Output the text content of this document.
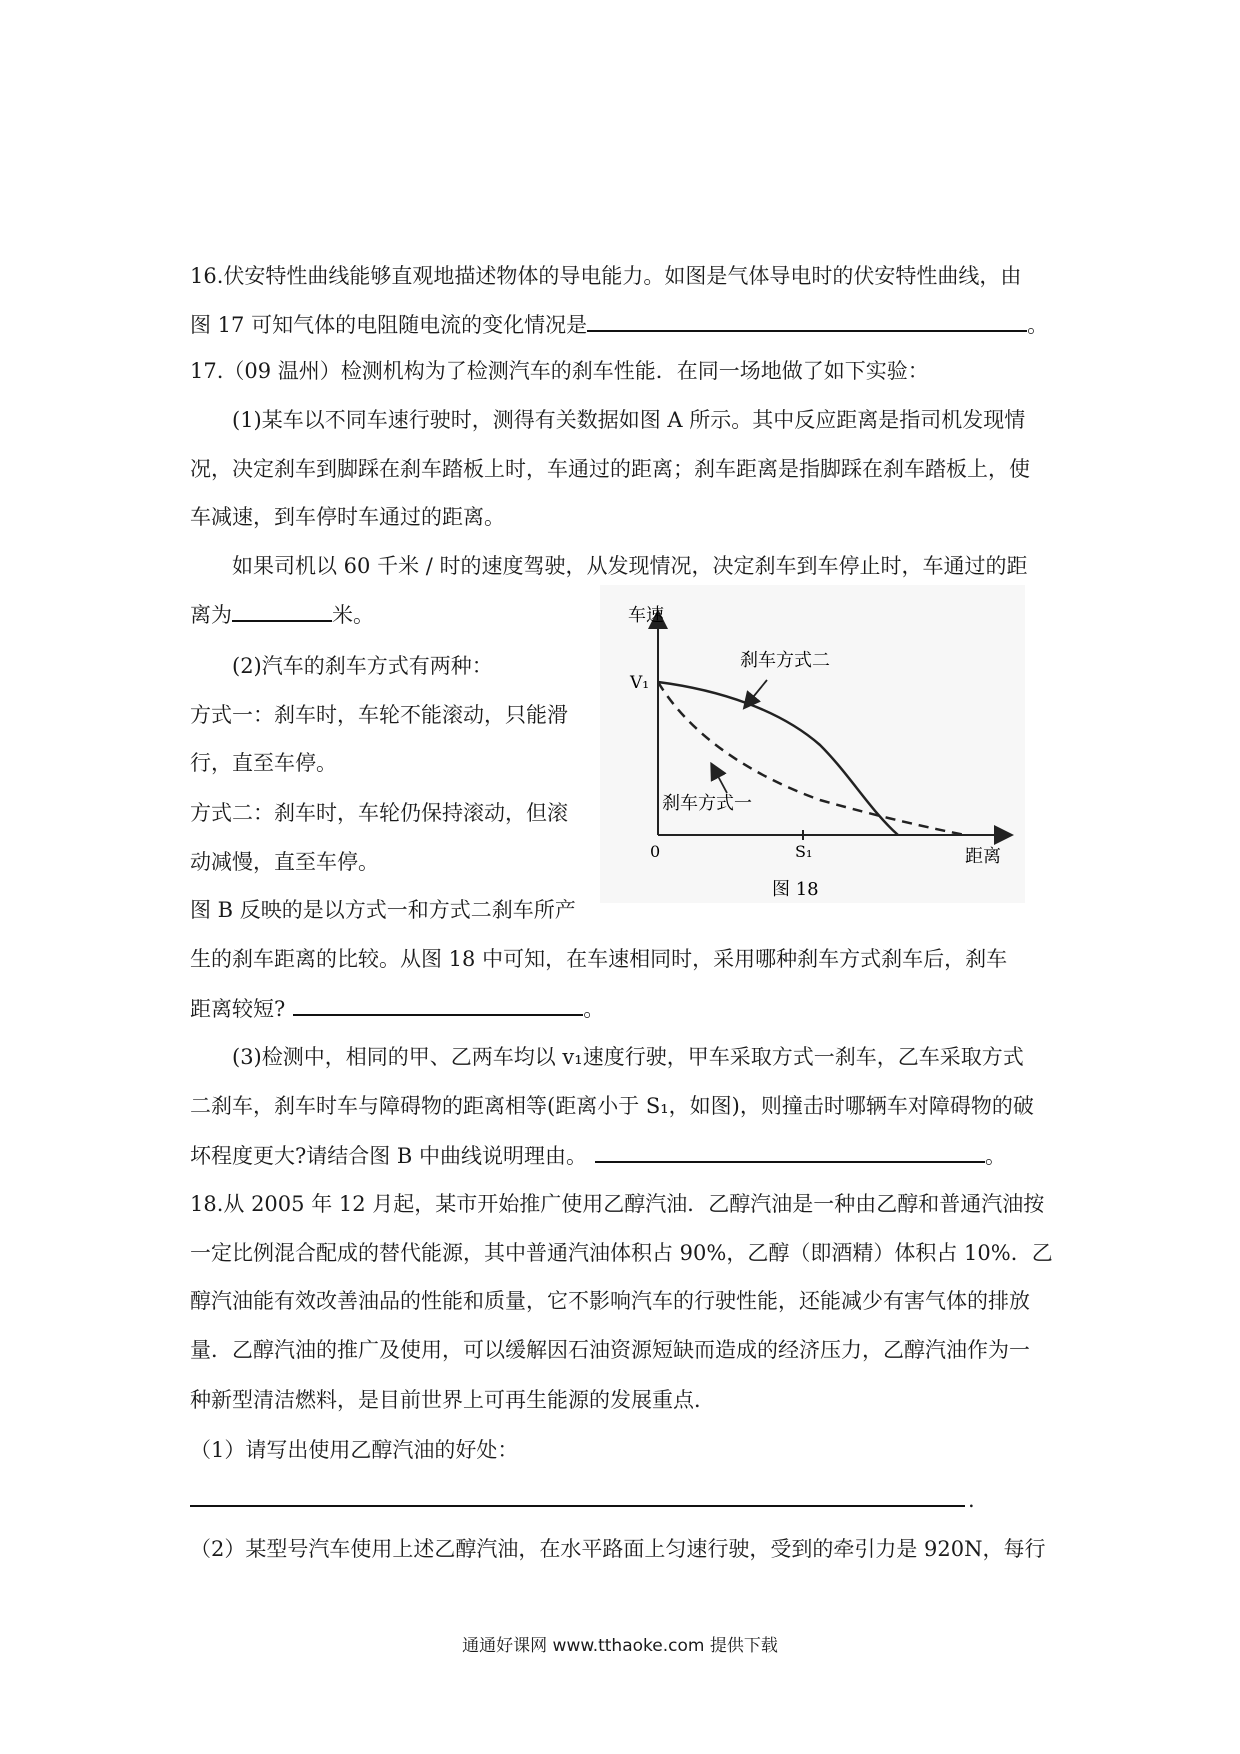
16.伏安特性曲线能够直观地描述物体的导电能力。如图是气体导电时的伏安特性曲线，由
图 17 可知气体的电阻随电流的变化情况是	。
17.（09 温州）检测机构为了检测汽车的刹车性能．在同一场地做了如下实验：
(1)某车以不同车速行驶时，测得有关数据如图 A 所示。其中反应距离是指司机发现情
况，决定刹车到脚踩在刹车踏板上时，车通过的距离；刹车距离是指脚踩在刹车踏板上，使
车减速，到车停时车通过的距离。
如果司机以 60 千米 / 时的速度驾驶，从发现情况，决定刹车到车停止时，车通过的距
离为	米。
(2)汽车的刹车方式有两种：
方式一：刹车时，车轮不能滚动，只能滑
行，直至车停。
方式二：刹车时，车轮仍保持滚动，但滚
动减慢，直至车停。
图 B 反映的是以方式一和方式二刹车所产
生的刹车距离的比较。从图 18 中可知，在车速相同时，采用哪种刹车方式刹车后，刹车
距离较短?	。
(3)检测中，相同的甲、乙两车均以 v₁速度行驶，甲车采取方式一刹车，乙车采取方式
二刹车，刹车时车与障碍物的距离相等(距离小于 S₁，如图)，则撞击时哪辆车对障碍物的破
坏程度更大?请结合图 B 中曲线说明理由。	。
车速
距离
V₁
0	S₁
刹车方式二
刹车方式一
图 18
18.从 2005 年 12 月起，某市开始推广使用乙醇汽油．乙醇汽油是一种由乙醇和普通汽油按
一定比例混合配成的替代能源，其中普通汽油体积占 90%，乙醇（即酒精）体积占 10%．乙
醇汽油能有效改善油品的性能和质量，它不影响汽车的行驶性能，还能减少有害气体的排放
量．乙醇汽油的推广及使用，可以缓解因石油资源短缺而造成的经济压力，乙醇汽油作为一
种新型清洁燃料，是目前世界上可再生能源的发展重点．
（1）请写出使用乙醇汽油的好处：
.
（2）某型号汽车使用上述乙醇汽油，在水平路面上匀速行驶，受到的牵引力是 920N，每行
通通好课网 www.tthaoke.com 提供下载
